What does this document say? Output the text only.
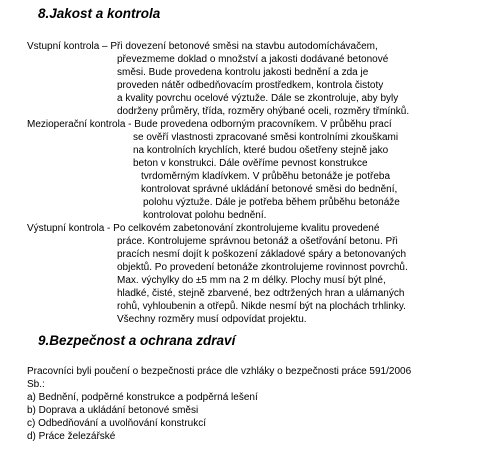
8.Jakost a kontrola
Vstupní kontrola – Při dovezení betonové směsi na stavbu autodomíchávačem,
převezmeme doklad o množství a jakosti dodávané betonové
směsi. Bude provedena kontrolu jakosti bednění a zda je
proveden nátěr odbedňovacím prostředkem, kontrola čistoty
a kvality povrchu ocelové výztuže. Dále se zkontroluje, aby byly
dodrženy průměry, třída, rozměry ohýbané oceli, rozměry třmínků.
Mezioperační kontrola - Bude provedena odborným pracovníkem. V průběhu prací
se ověří vlastnosti zpracované směsi kontrolními zkouškami
na kontrolních krychlích, které budou ošetřeny stejně jako
beton v konstrukci. Dále ověříme pevnost konstrukce
tvrdoměrným kladívkem. V průběhu betonáže je potřeba
kontrolovat správné ukládání betonové směsi do bednění,
polohu výztuže. Dále je potřeba během průběhu betonáže
kontrolovat polohu bednění.
Výstupní kontrola - Po celkovém zabetonování zkontrolujeme kvalitu provedené
práce. Kontrolujeme správnou betonáž a ošetřování betonu. Při
pracích nesmí dojít k poškození základové spáry a betonovaných
objektů. Po provedení betonáže zkontrolujeme rovinnost povrchů.
Max. výchylky do ±5 mm na 2 m délky. Plochy musí být plné,
hladké, čisté, stejně zbarvené, bez odtržených hran a ulámaných
rohů, vyhloubenin a otřepů. Nikde nesmí být na plochách trhlinky.
Všechny rozměry musí odpovídat projektu.
9.Bezpečnost a ochrana zdraví
Pracovníci byli poučení o bezpečnosti práce dle vzhláky o bezpečnosti práce 591/2006
Sb.:
a) Bednění, podpěrné konstrukce a podpěrná lešení
b) Doprava a ukládání betonové směsi
c) Odbedňování a uvolňování konstrukcí
d) Práce železářské
